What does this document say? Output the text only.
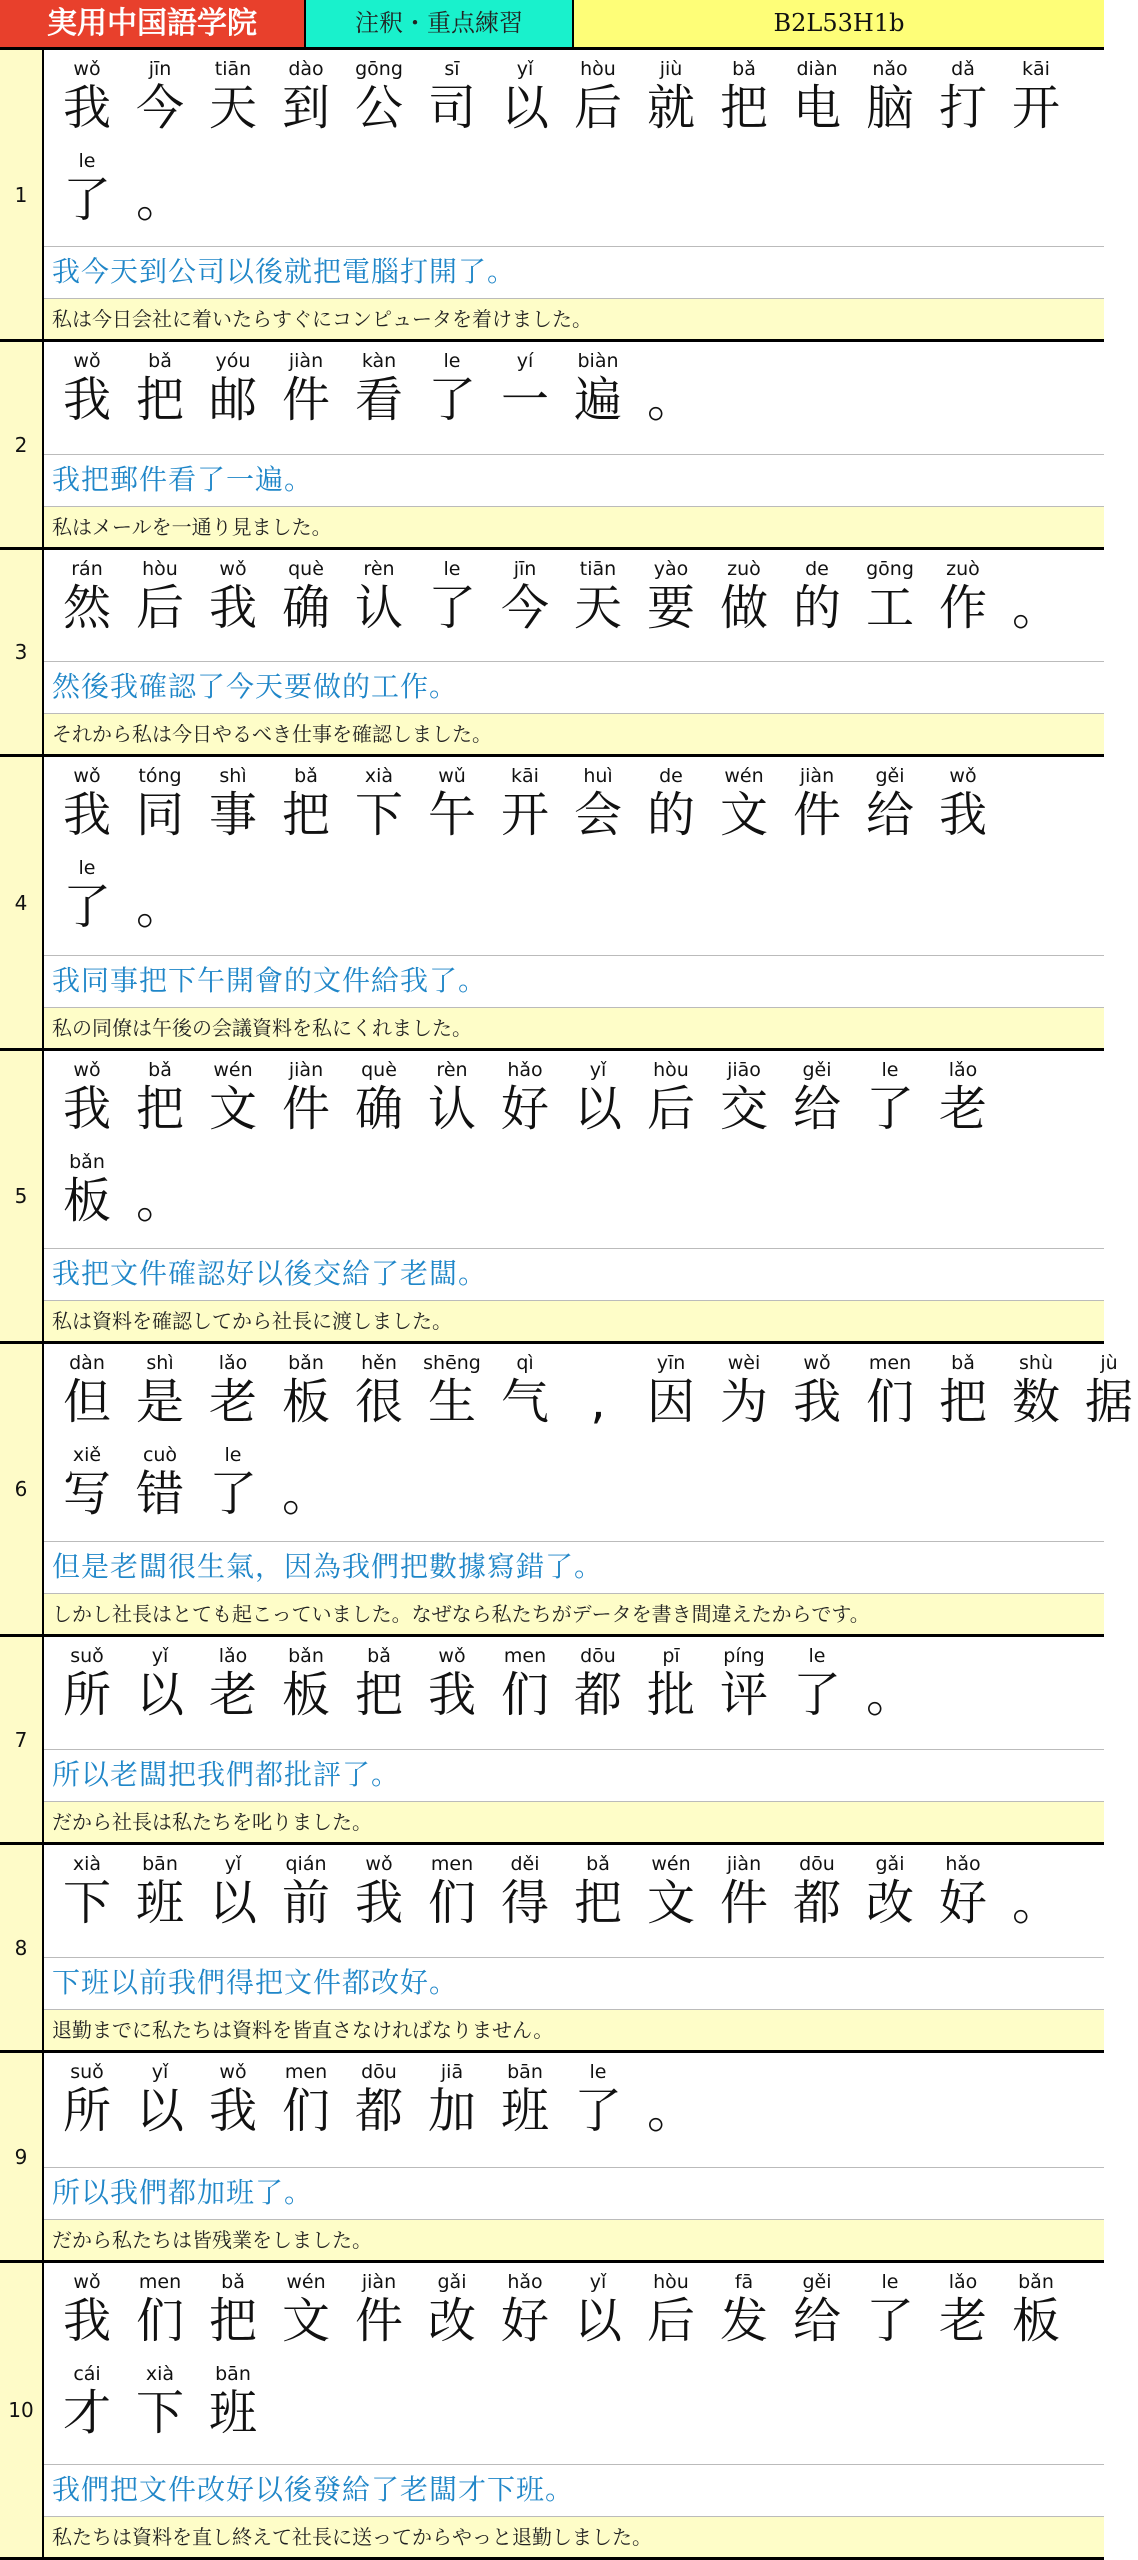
実用中国語学院	注釈・重点練習	B2L53H1b
1
wǒ
我
jīn
今
tiān
天
dào
到
gōng
公
sī
司
yǐ
以
hòu
后
jiù
就
bǎ
把
diàn
电
nǎo
脑
dǎ
打
kāi
开
le
了 。
我今天到公司以後就把電腦打開了。
私は今日会社に着いたらすぐにコンピュータを着けました。
2
wǒ
我
bǎ
把
yóu
邮
jiàn
件
kàn
看
le
了
yí
一
biàn
遍 。
我把郵件看了一遍。
私はメールを一通り見ました。
3
rán
然
hòu
后
wǒ
我
què
确
rèn
认
le
了
jīn
今
tiān
天
yào
要
zuò
做
de
的
gōng
工
zuò
作 。
然後我確認了今天要做的工作。
それから私は今日やるべき仕事を確認しました。
4
wǒ
我
tóng
同
shì
事
bǎ
把
xià
下
wǔ
午
kāi
开
huì
会
de
的
wén
文
jiàn
件
gěi
给
wǒ
我
le
了 。
我同事把下午開會的文件給我了。
私の同僚は午後の会議資料を私にくれました。
5
wǒ
我
bǎ
把
wén
文
jiàn
件
què
确
rèn
认
hǎo
好
yǐ
以
hòu
后
jiāo
交
gěi
给
le
了
lǎo
老
bǎn
板 。
我把文件確認好以後交給了老闆。
私は資料を確認してから社長に渡しました。
6
dàn
但
shì
是
lǎo
老
bǎn
板
hěn
很
shēng
生
qì
气 ,
yīn
因
wèi
为
wǒ
我
men
们
bǎ
把
shù
数
jù
据
xiě
写
cuò
错
le
了 。
但是老闆很生氣，因為我們把數據寫錯了。
しかし社長はとても起こっていました。なぜなら私たちがデータを書き間違えたからです。
7
suǒ
所
yǐ
以
lǎo
老
bǎn
板
bǎ
把
wǒ
我
men
们
dōu
都
pī
批
píng
评
le
了 。
所以老闆把我們都批評了。
だから社長は私たちを叱りました。
8
xià
下
bān
班
yǐ
以
qián
前
wǒ
我
men
们
děi
得
bǎ
把
wén
文
jiàn
件
dōu
都
gǎi
改
hǎo
好 。
下班以前我們得把文件都改好。
退勤までに私たちは資料を皆直さなければなりません。
9
suǒ
所
yǐ
以
wǒ
我
men
们
dōu
都
jiā
加
bān
班
le
了 。
所以我們都加班了。
だから私たちは皆残業をしました。
10
wǒ
我
men
们
bǎ
把
wén
文
jiàn
件
gǎi
改
hǎo
好
yǐ
以
hòu
后
fā
发
gěi
给
le
了
lǎo
老
bǎn
板
cái
才
xià
下
bān
班
我們把文件改好以後發給了老闆才下班。
私たちは資料を直し終えて社長に送ってからやっと退勤しました。
